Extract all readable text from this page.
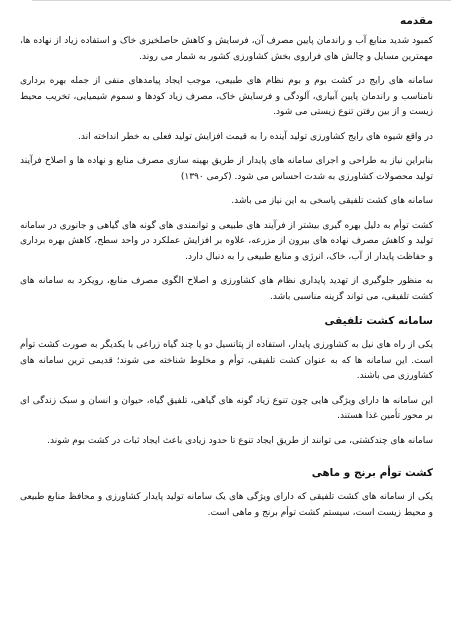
مقدمه

کمبود شدید منابع آب و راندمان پایین مصرف آن، فرسایش و کاهش حاصلخیزی خاک و استفاده زیاد از نهاده ها، مهمترین مسایل و چالش های فراروی بخش کشاورزی کشور به شمار می روند.

سامانه های رایج در کشت بوم و بوم نظام های طبیعی، موجب ایجاد پیامدهای منفی از جمله بهره برداری نامناسب و راندمان پایین آبیاری، آلودگی و فرسایش خاک، مصرف زیاد کودها و سموم شیمیایی، تخریب محیط زیست و از بین رفتن تنوع زیستی می شود.

در واقع شیوه های رایج کشاورزی تولید آینده را به قیمت افزایش تولید فعلی به خطر انداخته اند.

بنابراین نیاز به طراحی و اجرای سامانه های پایدار از طریق بهینه سازی مصرف منابع و نهاده ها و اصلاح فرآیند تولید محصولات کشاورزی به شدت احساس می شود. (کرمی ۱۳۹۰)

سامانه های کشت تلفیقی پاسخی به این نیاز می باشد.

کشت توأم به دلیل بهره گیری بیشتر از فرآیند های طبیعی و توانمندی های گونه های گیاهی و جانوری در سامانه تولید و کاهش مصرف نهاده های بیرون از مزرعه، علاوه بر افزایش عملکرد در واحد سطح، کاهش بهره برداری و حفاظت پایدار از آب، خاک، انرژی و منابع طبیعی را به دنبال دارد.

به منظور جلوگیری از تهدید پایداری نظام های کشاورزی و اصلاح الگوی مصرف منابع، رویکرد به سامانه های کشت تلفیقی، می تواند گزینه مناسبی باشد.

سامانه کشت تلفیقی

یکی از راه های نیل به کشاورزی پایدار، استفاده از پتانسیل دو یا چند گیاه زراعی با یکدیگر به صورت کشت توأم است. این سامانه ها که به عنوان کشت تلفیقی، توأم و مخلوط شناخته می شوند؛ قدیمی ترین سامانه های کشاورزی می باشند.

این سامانه ها دارای ویژگی هایی چون تنوع زیاد گونه های گیاهی، تلفیق گیاه، حیوان و انسان و سبک زندگی ای بر محور تأمین غذا هستند.

سامانه های چندکشتی، می توانند از طریق ایجاد تنوع تا حدود زیادی باعث ایجاد ثبات در کشت بوم شوند.

کشت توأم برنج و ماهی

یکی از سامانه های کشت تلفیقی که دارای ویژگی های یک سامانه تولید پایدار کشاورزی و محافظ منابع طبیعی و محیط زیست است، سیستم کشت توأم برنج و ماهی است.
